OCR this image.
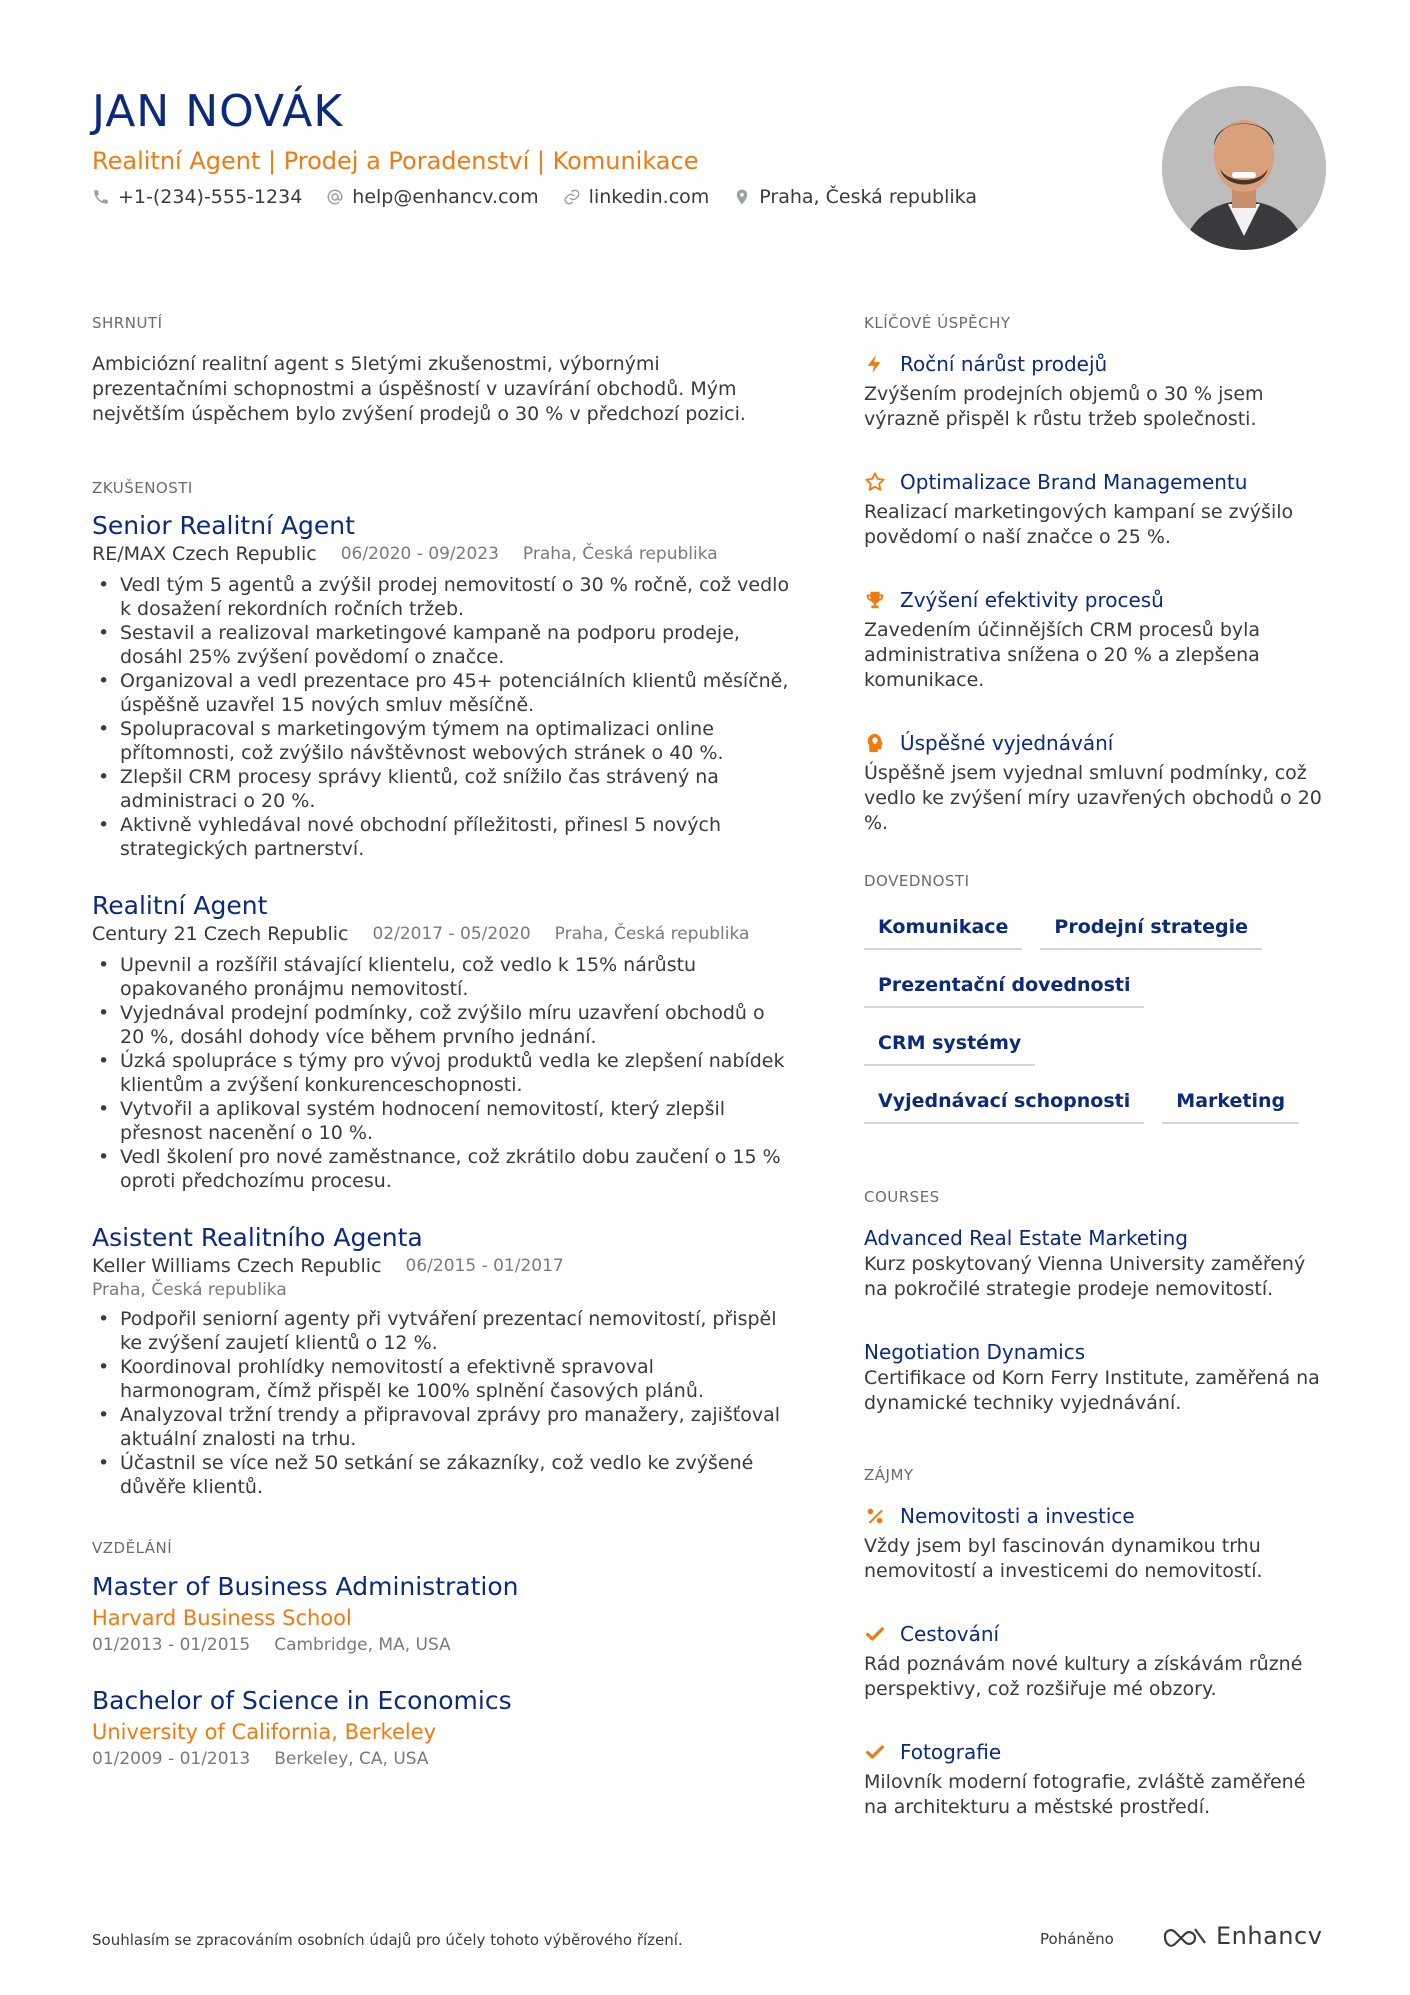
JAN NOVÁK
Realitní Agent | Prodej a Poradenství | Komunikace
+1-(234)-555-1234	help@enhancv.com	linkedin.com	Praha, Česká republika
SHRNUTÍ
Ambiciózní realitní agent s 5letými zkušenostmi, výbornými prezentačními schopnostmi a úspěšností v uzavírání obchodů. Mým největším úspěchem bylo zvýšení prodejů o 30 % v předchozí pozici.
ZKUŠENOSTI
Senior Realitní Agent
RE/MAX Czech Republic 06/2020 - 09/2023 Praha, Česká republika
• Vedl tým 5 agentů a zvýšil prodej nemovitostí o 30 % ročně, což vedlo k dosažení rekordních ročních tržeb.
• Sestavil a realizoval marketingové kampaně na podporu prodeje, dosáhl 25% zvýšení povědomí o značce.
• Organizoval a vedl prezentace pro 45+ potenciálních klientů měsíčně, úspěšně uzavřel 15 nových smluv měsíčně.
• Spolupracoval s marketingovým týmem na optimalizaci online přítomnosti, což zvýšilo návštěvnost webových stránek o 40 %.
• Zlepšil CRM procesy správy klientů, což snížilo čas strávený na administraci o 20 %.
• Aktivně vyhledával nové obchodní příležitosti, přinesl 5 nových strategických partnerství.
Realitní Agent
Century 21 Czech Republic 02/2017 - 05/2020 Praha, Česká republika
• Upevnil a rozšířil stávající klientelu, což vedlo k 15% nárůstu opakovaného pronájmu nemovitostí.
• Vyjednával prodejní podmínky, což zvýšilo míru uzavření obchodů o 20 %, dosáhl dohody více během prvního jednání.
• Úzká spolupráce s týmy pro vývoj produktů vedla ke zlepšení nabídek klientům a zvýšení konkurenceschopnosti.
• Vytvořil a aplikoval systém hodnocení nemovitostí, který zlepšil přesnost nacenění o 10 %.
• Vedl školení pro nové zaměstnance, což zkrátilo dobu zaučení o 15 % oproti předchozímu procesu.
Asistent Realitního Agenta
Keller Williams Czech Republic 06/2015 - 01/2017
Praha, Česká republika
• Podpořil seniorní agenty při vytváření prezentací nemovitostí, přispěl ke zvýšení zaujetí klientů o 12 %.
• Koordinoval prohlídky nemovitostí a efektivně spravoval harmonogram, čímž přispěl ke 100% splnění časových plánů.
• Analyzoval tržní trendy a připravoval zprávy pro manažery, zajišťoval aktuální znalosti na trhu.
• Účastnil se více než 50 setkání se zákazníky, což vedlo ke zvýšené důvěře klientů.
VZDĚLÁNÍ
Master of Business Administration
Harvard Business School
01/2013 - 01/2015 Cambridge, MA, USA
Bachelor of Science in Economics
University of California, Berkeley
01/2009 - 01/2013 Berkeley, CA, USA
KLÍČOVÉ ÚSPĚCHY
Roční nárůst prodejů
Zvýšením prodejních objemů o 30 % jsem výrazně přispěl k růstu tržeb společnosti.
Optimalizace Brand Managementu
Realizací marketingových kampaní se zvýšilo povědomí o naší značce o 25 %.
Zvýšení efektivity procesů
Zavedením účinnějších CRM procesů byla administrativa snížena o 20 % a zlepšena komunikace.
Úspěšné vyjednávání
Úspěšně jsem vyjednal smluvní podmínky, což vedlo ke zvýšení míry uzavřených obchodů o 20 %.
DOVEDNOSTI
Komunikace	Prodejní strategie
Prezentační dovednosti
CRM systémy
Vyjednávací schopnosti	Marketing
COURSES
Advanced Real Estate Marketing
Kurz poskytovaný Vienna University zaměřený na pokročilé strategie prodeje nemovitostí.
Negotiation Dynamics
Certifikace od Korn Ferry Institute, zaměřená na dynamické techniky vyjednávání.
ZÁJMY
Nemovitosti a investice
Vždy jsem byl fascinován dynamikou trhu nemovitostí a investicemi do nemovitostí.
Cestování
Rád poznávám nové kultury a získávám různé perspektivy, což rozšiřuje mé obzory.
Fotografie
Milovník moderní fotografie, zvláště zaměřené na architekturu a městské prostředí.
Souhlasím se zpracováním osobních údajů pro účely tohoto výběrového řízení.	Poháněno	Enhancv
